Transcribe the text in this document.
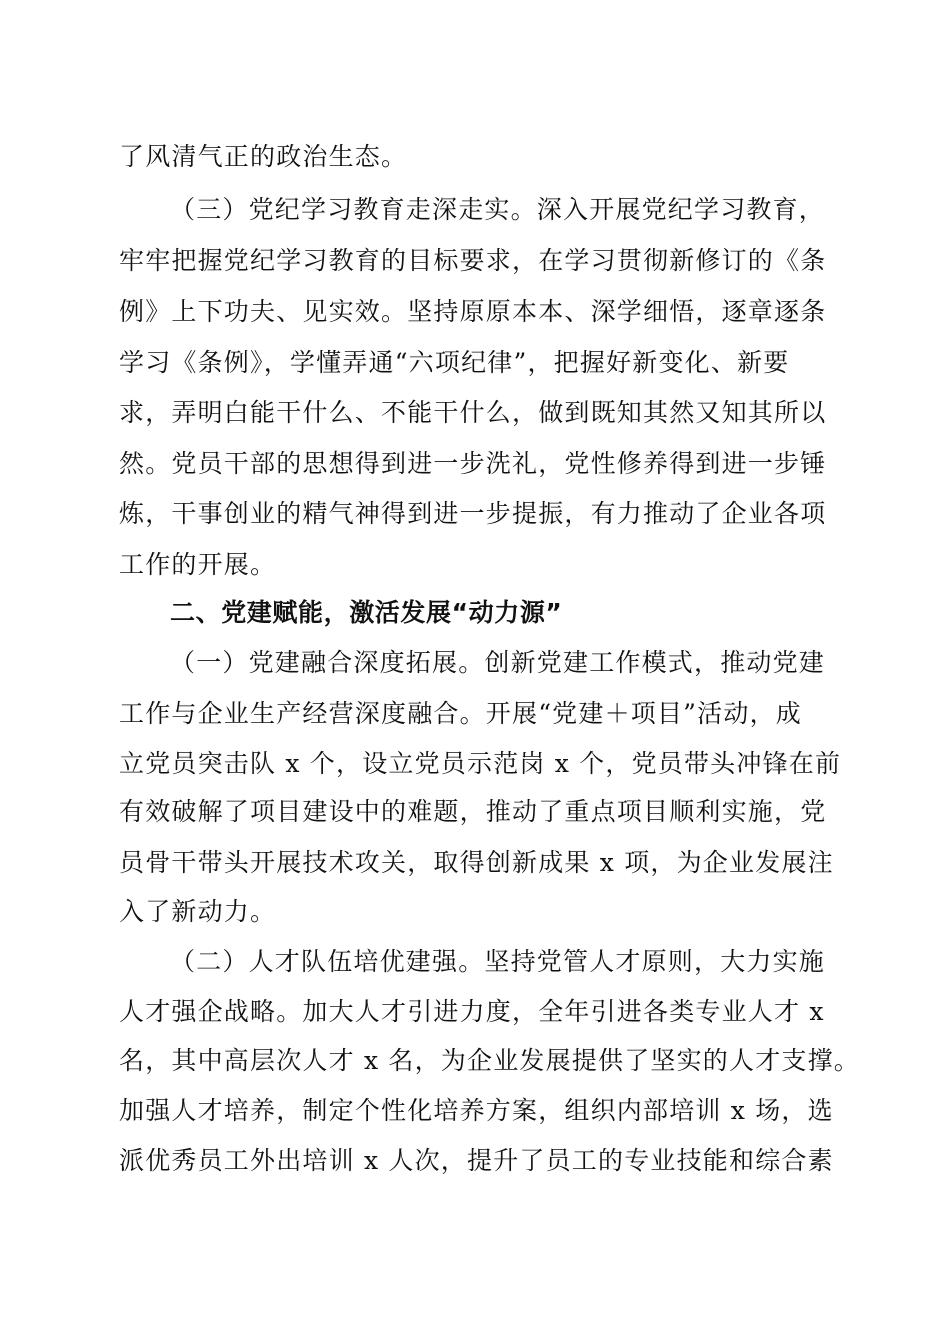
了风清气正的政治生态。
（三）党纪学习教育走深走实。深入开展党纪学习教育，
牢牢把握党纪学习教育的目标要求，在学习贯彻新修订的《条
例》上下功夫、见实效。坚持原原本本、深学细悟，逐章逐条
学习《条例》，学懂弄通“六项纪律”，把握好新变化、新要
求，弄明白能干什么、不能干什么，做到既知其然又知其所以
然。党员干部的思想得到进一步洗礼，党性修养得到进一步锤
炼，干事创业的精气神得到进一步提振，有力推动了企业各项
工作的开展。
二、党建赋能，激活发展“动力源”
（一）党建融合深度拓展。创新党建工作模式，推动党建
工作与企业生产经营深度融合。开展“党建＋项目”活动，成
立党员突击队 x 个，设立党员示范岗 x 个，党员带头冲锋在前
有效破解了项目建设中的难题，推动了重点项目顺利实施，党
员骨干带头开展技术攻关，取得创新成果 x 项，为企业发展注
入了新动力。
（二）人才队伍培优建强。坚持党管人才原则，大力实施
人才强企战略。加大人才引进力度，全年引进各类专业人才 x
名，其中高层次人才 x 名，为企业发展提供了坚实的人才支撑。
加强人才培养，制定个性化培养方案，组织内部培训 x 场，选
派优秀员工外出培训 x 人次，提升了员工的专业技能和综合素
